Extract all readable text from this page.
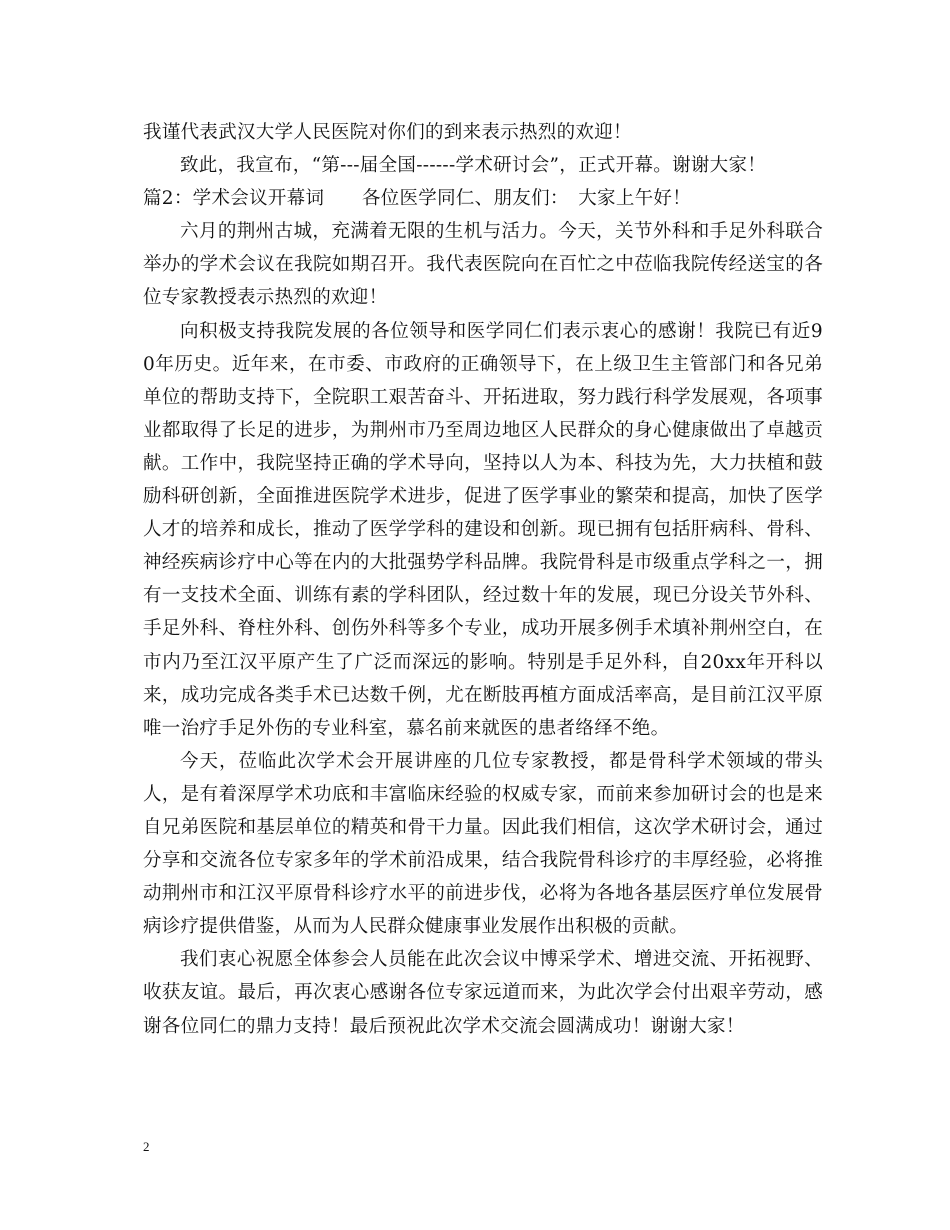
我谨代表武汉大学人民医院对你们的到来表示热烈的欢迎！

致此，我宣布，“第---届全国------学术研讨会”，正式开幕。谢谢大家！

篇2：学术会议开幕词　　各位医学同仁、朋友们：　大家上午好！

六月的荆州古城，充满着无限的生机与活力。今天，关节外科和手足外科联合举办的学术会议在我院如期召开。我代表医院向在百忙之中莅临我院传经送宝的各位专家教授表示热烈的欢迎！

向积极支持我院发展的各位领导和医学同仁们表示衷心的感谢！我院已有近90年历史。近年来，在市委、市政府的正确领导下，在上级卫生主管部门和各兄弟单位的帮助支持下，全院职工艰苦奋斗、开拓进取，努力践行科学发展观，各项事业都取得了长足的进步，为荆州市乃至周边地区人民群众的身心健康做出了卓越贡献。工作中，我院坚持正确的学术导向，坚持以人为本、科技为先，大力扶植和鼓励科研创新，全面推进医院学术进步，促进了医学事业的繁荣和提高，加快了医学人才的培养和成长，推动了医学学科的建设和创新。现已拥有包括肝病科、骨科、神经疾病诊疗中心等在内的大批强势学科品牌。我院骨科是市级重点学科之一，拥有一支技术全面、训练有素的学科团队，经过数十年的发展，现已分设关节外科、手足外科、脊柱外科、创伤外科等多个专业，成功开展多例手术填补荆州空白，在市内乃至江汉平原产生了广泛而深远的影响。特别是手足外科，自20xx年开科以来，成功完成各类手术已达数千例，尤在断肢再植方面成活率高，是目前江汉平原唯一治疗手足外伤的专业科室，慕名前来就医的患者络绎不绝。

今天，莅临此次学术会开展讲座的几位专家教授，都是骨科学术领域的带头人，是有着深厚学术功底和丰富临床经验的权威专家，而前来参加研讨会的也是来自兄弟医院和基层单位的精英和骨干力量。因此我们相信，这次学术研讨会，通过分享和交流各位专家多年的学术前沿成果，结合我院骨科诊疗的丰厚经验，必将推动荆州市和江汉平原骨科诊疗水平的前进步伐，必将为各地各基层医疗单位发展骨病诊疗提供借鉴，从而为人民群众健康事业发展作出积极的贡献。

我们衷心祝愿全体参会人员能在此次会议中博采学术、增进交流、开拓视野、收获友谊。最后，再次衷心感谢各位专家远道而来，为此次学会付出艰辛劳动，感谢各位同仁的鼎力支持！最后预祝此次学术交流会圆满成功！谢谢大家！

2
